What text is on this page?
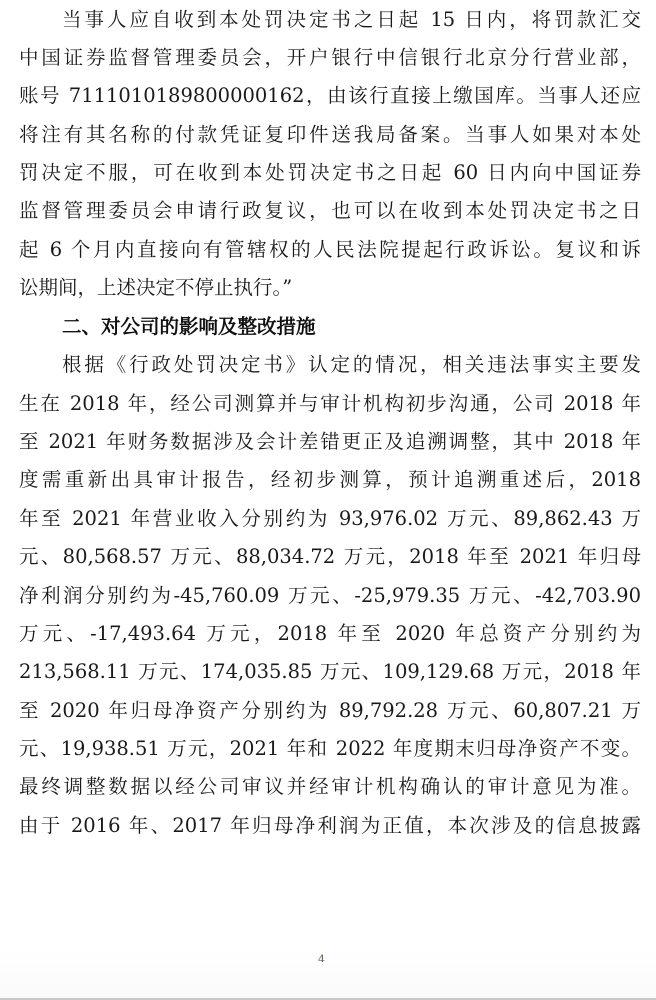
当事人应自收到本处罚决定书之日起 15 日内，将罚款汇交
中国证券监督管理委员会，开户银行中信银行北京分行营业部，
账号 7111010189800000162，由该行直接上缴国库。当事人还应
将注有其名称的付款凭证复印件送我局备案。当事人如果对本处
罚决定不服，可在收到本处罚决定书之日起 60 日内向中国证券
监督管理委员会申请行政复议，也可以在收到本处罚决定书之日
起 6 个月内直接向有管辖权的人民法院提起行政诉讼。复议和诉
讼期间，上述决定不停止执行。”
二、对公司的影响及整改措施
根据《行政处罚决定书》认定的情况，相关违法事实主要发
生在 2018 年，经公司测算并与审计机构初步沟通，公司 2018 年
至 2021 年财务数据涉及会计差错更正及追溯调整，其中 2018 年
度需重新出具审计报告，经初步测算，预计追溯重述后，2018
年至 2021 年营业收入分别约为 93,976.02 万元、89,862.43 万
元、80,568.57 万元、88,034.72 万元，2018 年至 2021 年归母
净利润分别约为-45,760.09 万元、-25,979.35 万元、-42,703.90
万元、-17,493.64 万元，2018 年至 2020 年总资产分别约为
213,568.11 万元、174,035.85 万元、109,129.68 万元，2018 年
至 2020 年归母净资产分别约为 89,792.28 万元、60,807.21 万
元、19,938.51 万元，2021 年和 2022 年度期末归母净资产不变。
最终调整数据以经公司审议并经审计机构确认的审计意见为准。
由于 2016 年、2017 年归母净利润为正值，本次涉及的信息披露
4
